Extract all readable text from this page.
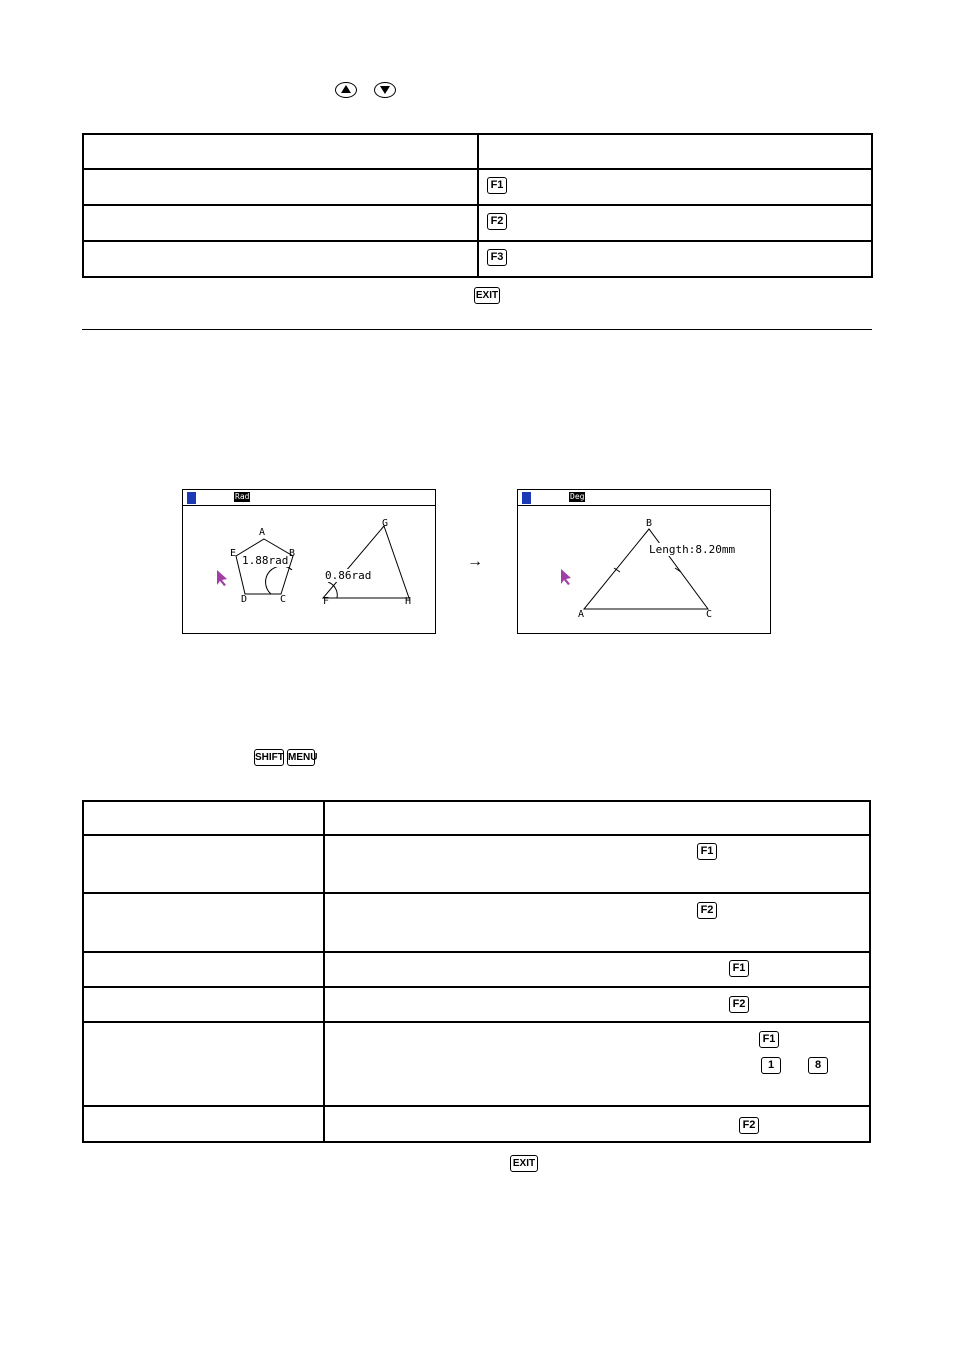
F1
F2
F3
EXIT
Rad
A
B
C
D
E
F
G
H
1.88rad
0.86rad
→
Deg
B
A	C
Length:8.20mm
SHIFT MENU

F1
F2
F1
F2
F1
1	8
F2
EXIT
